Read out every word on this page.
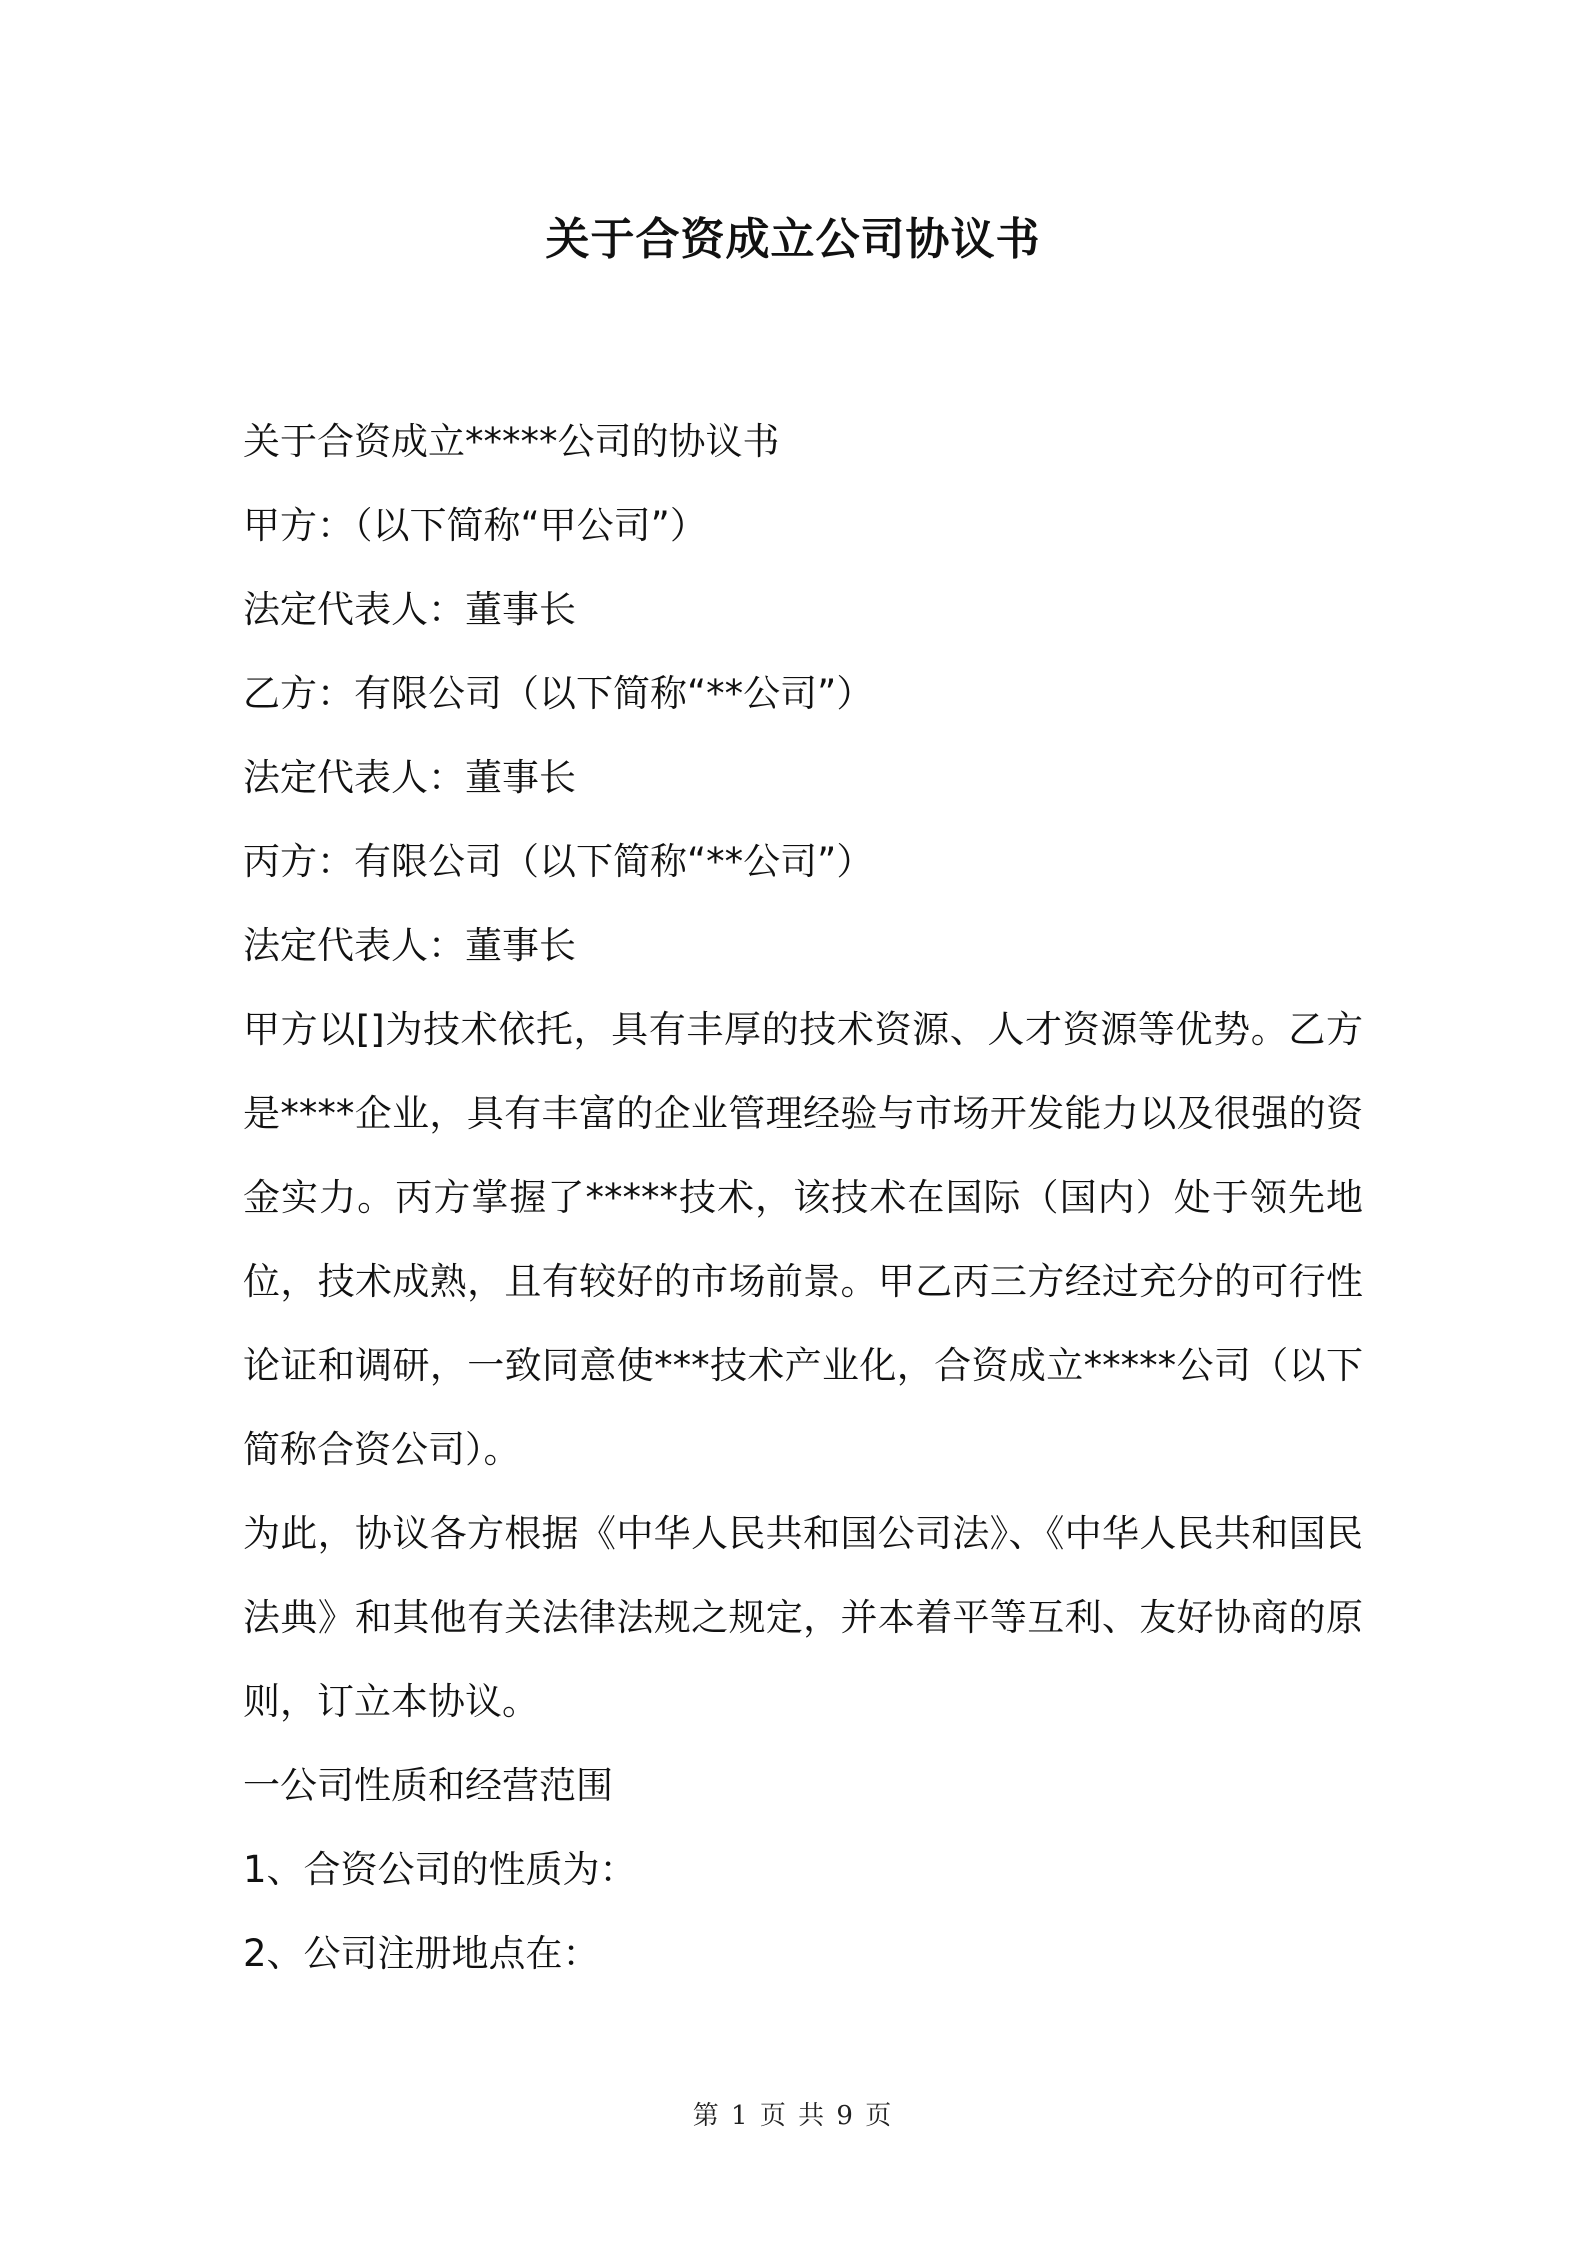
关于合资成立公司协议书

关于合资成立*****公司的协议书

甲方：（以下简称“甲公司”）

法定代表人：董事长

乙方：有限公司（以下简称“**公司”）

法定代表人：董事长

丙方：有限公司（以下简称“**公司”）

法定代表人：董事长

甲方以[]为技术依托，具有丰厚的技术资源、人才资源等优势。乙方是****企业，具有丰富的企业管理经验与市场开发能力以及很强的资金实力。丙方掌握了*****技术，该技术在国际（国内）处于领先地位，技术成熟，且有较好的市场前景。甲乙丙三方经过充分的可行性论证和调研，一致同意使***技术产业化，合资成立*****公司（以下简称合资公司）。

为此，协议各方根据《中华人民共和国公司法》、《中华人民共和国民法典》和其他有关法律法规之规定，并本着平等互利、友好协商的原则，订立本协议。

一公司性质和经营范围

1、合资公司的性质为：

2、公司注册地点在：

第 1 页 共 9 页
